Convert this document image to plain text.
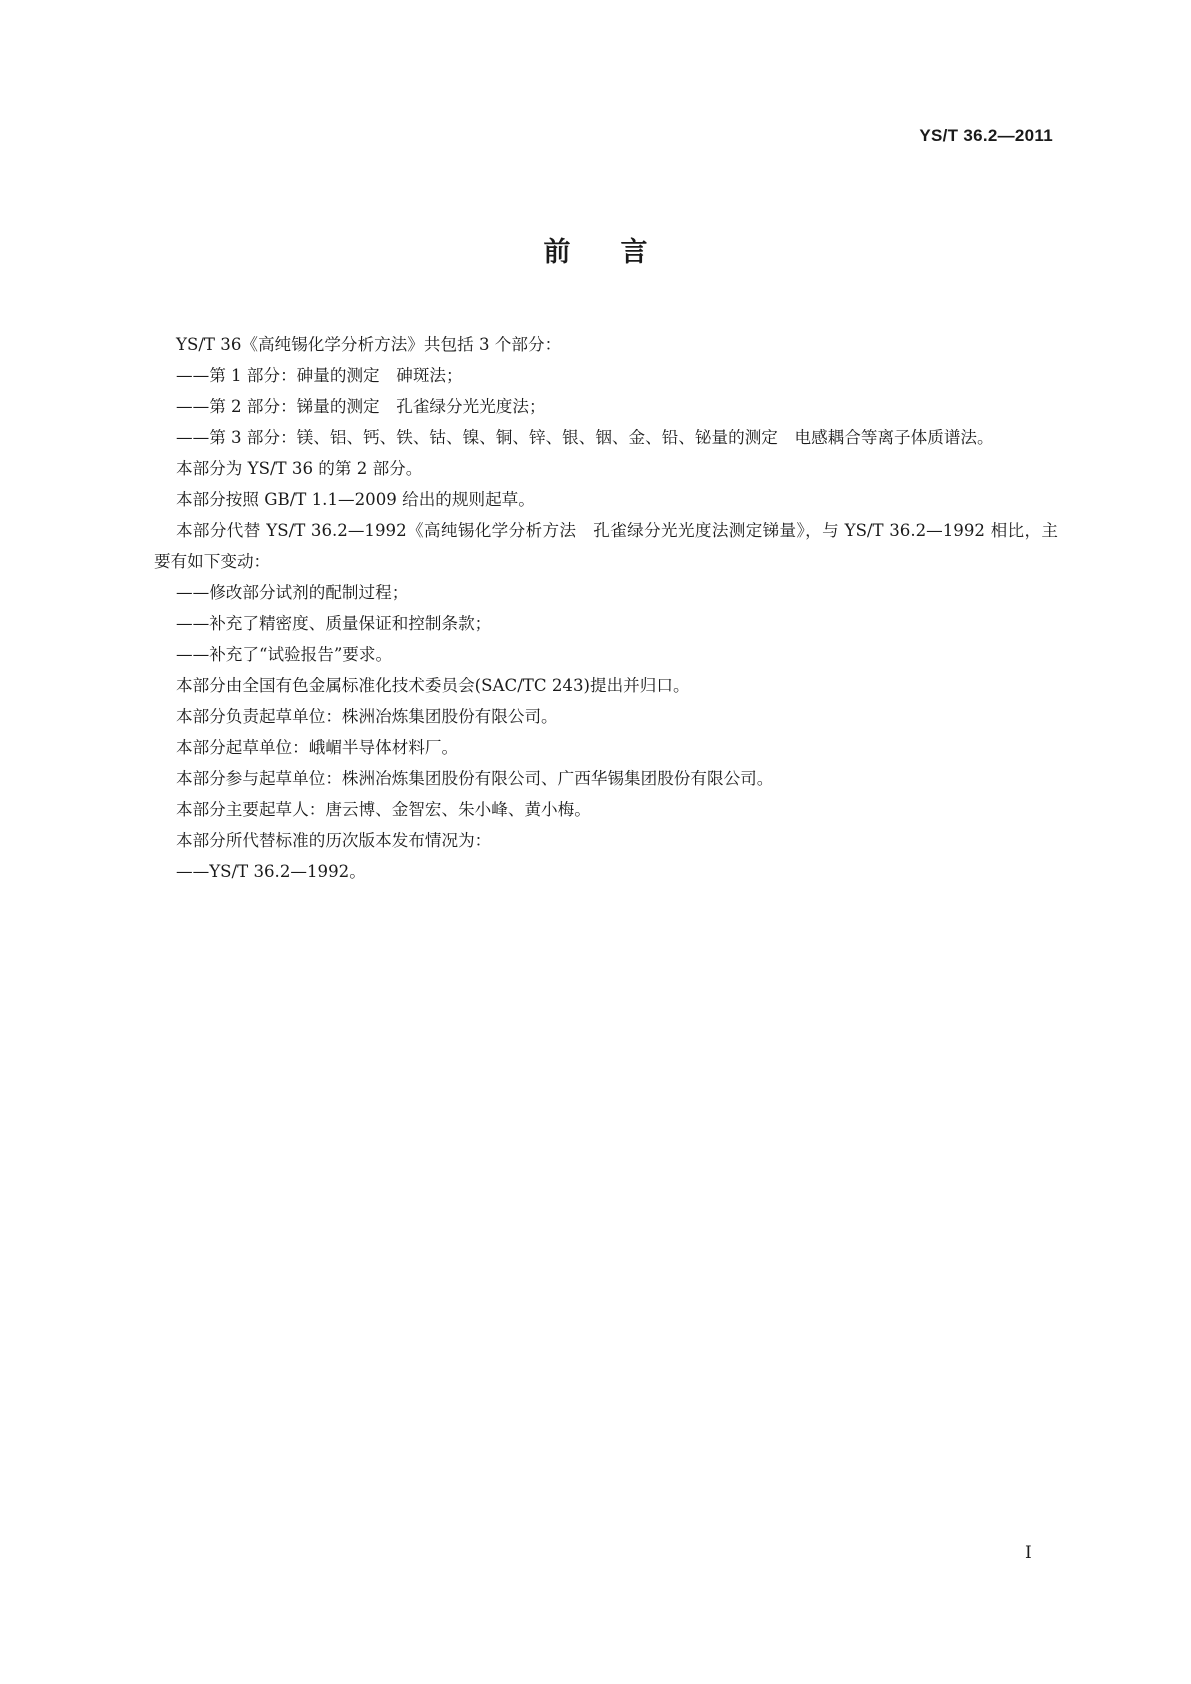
YS/T 36.2—2011
前言

YS/T 36《高纯锡化学分析方法》共包括 3 个部分：

——第 1 部分：砷量的测定　砷斑法；

——第 2 部分：锑量的测定　孔雀绿分光光度法；

——第 3 部分：镁、铝、钙、铁、钴、镍、铜、锌、银、铟、金、铅、铋量的测定　电感耦合等离子体质谱法。

本部分为 YS/T 36 的第 2 部分。

本部分按照 GB/T 1.1—2009 给出的规则起草。

本部分代替 YS/T 36.2—1992《高纯锡化学分析方法　孔雀绿分光光度法测定锑量》，与 YS/T 36.2—1992 相比，主要有如下变动：

——修改部分试剂的配制过程；

——补充了精密度、质量保证和控制条款；

——补充了“试验报告”要求。

本部分由全国有色金属标准化技术委员会(SAC/TC 243)提出并归口。

本部分负责起草单位：株洲冶炼集团股份有限公司。

本部分起草单位：峨嵋半导体材料厂。

本部分参与起草单位：株洲冶炼集团股份有限公司、广西华锡集团股份有限公司。

本部分主要起草人：唐云博、金智宏、朱小峰、黄小梅。

本部分所代替标准的历次版本发布情况为：

——YS/T 36.2—1992。

I
